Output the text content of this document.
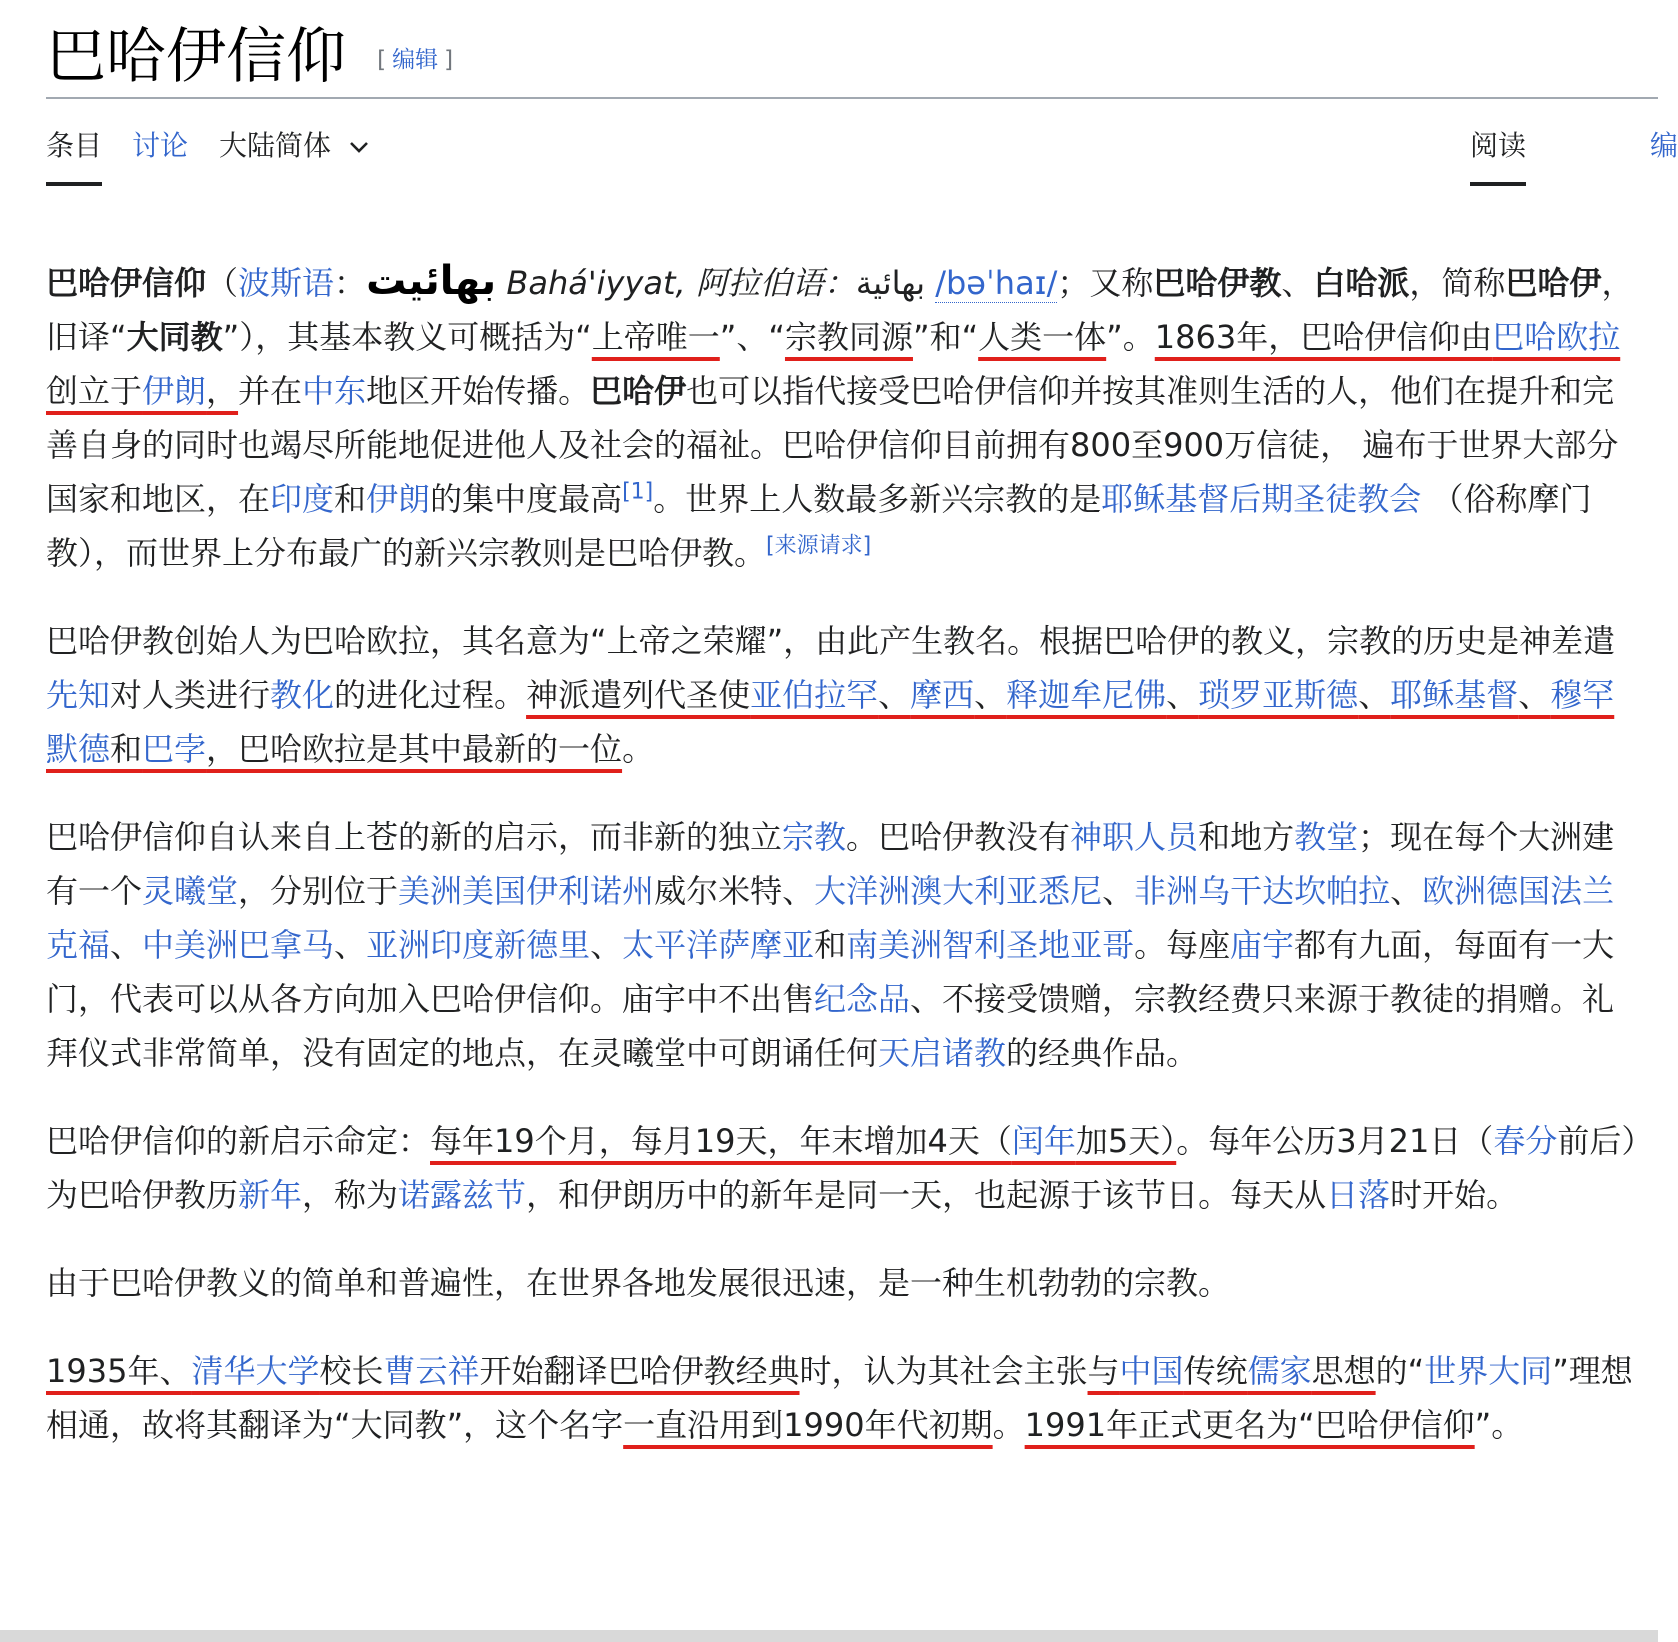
巴哈伊信仰 [ 编辑 ]
条目 讨论 大陆简体	阅读	编

巴哈伊信仰（波斯语：بهائیت Bahá'iyyat, 阿拉伯语：بهائية /bəˈhaɪ/；又称巴哈伊教、白哈派，简称巴哈伊，旧译“大同教”），其基本教义可概括为“上帝唯一”、“宗教同源”和“人类一体”。1863年，巴哈伊信仰由巴哈欧拉创立于伊朗，并在中东地区开始传播。巴哈伊也可以指代接受巴哈伊信仰并按其准则生活的人，他们在提升和完善自身的同时也竭尽所能地促进他人及社会的福祉。巴哈伊信仰目前拥有800至900万信徒， 遍布于世界大部分国家和地区，在印度和伊朗的集中度最高[1]。世界上人数最多新兴宗教的是耶稣基督后期圣徒教会 （俗称摩门教），而世界上分布最广的新兴宗教则是巴哈伊教。[来源请求]

巴哈伊教创始人为巴哈欧拉，其名意为“上帝之荣耀”，由此产生教名。根据巴哈伊的教义，宗教的历史是神差遣先知对人类进行教化的进化过程。神派遣列代圣使亚伯拉罕、摩西、释迦牟尼佛、琐罗亚斯德、耶稣基督、穆罕默德和巴孛，巴哈欧拉是其中最新的一位。

巴哈伊信仰自认来自上苍的新的启示，而非新的独立宗教。巴哈伊教没有神职人员和地方教堂；现在每个大洲建有一个灵曦堂，分别位于美洲美国伊利诺州威尔米特、大洋洲澳大利亚悉尼、非洲乌干达坎帕拉、欧洲德国法兰克福、中美洲巴拿马、亚洲印度新德里、太平洋萨摩亚和南美洲智利圣地亚哥。每座庙宇都有九面，每面有一大门，代表可以从各方向加入巴哈伊信仰。庙宇中不出售纪念品、不接受馈赠，宗教经费只来源于教徒的捐赠。礼拜仪式非常简单，没有固定的地点，在灵曦堂中可朗诵任何天启诸教的经典作品。

巴哈伊信仰的新启示命定：每年19个月，每月19天，年末增加4天（闰年加5天）。每年公历3月21日（春分前后）为巴哈伊教历新年，称为诺露兹节，和伊朗历中的新年是同一天，也起源于该节日。每天从日落时开始。

由于巴哈伊教义的简单和普遍性，在世界各地发展很迅速，是一种生机勃勃的宗教。

1935年、清华大学校长曹云祥开始翻译巴哈伊教经典时，认为其社会主张与中国传统儒家思想的“世界大同”理想相通，故将其翻译为“大同教”，这个名字一直沿用到1990年代初期。1991年正式更名为“巴哈伊信仰”。
